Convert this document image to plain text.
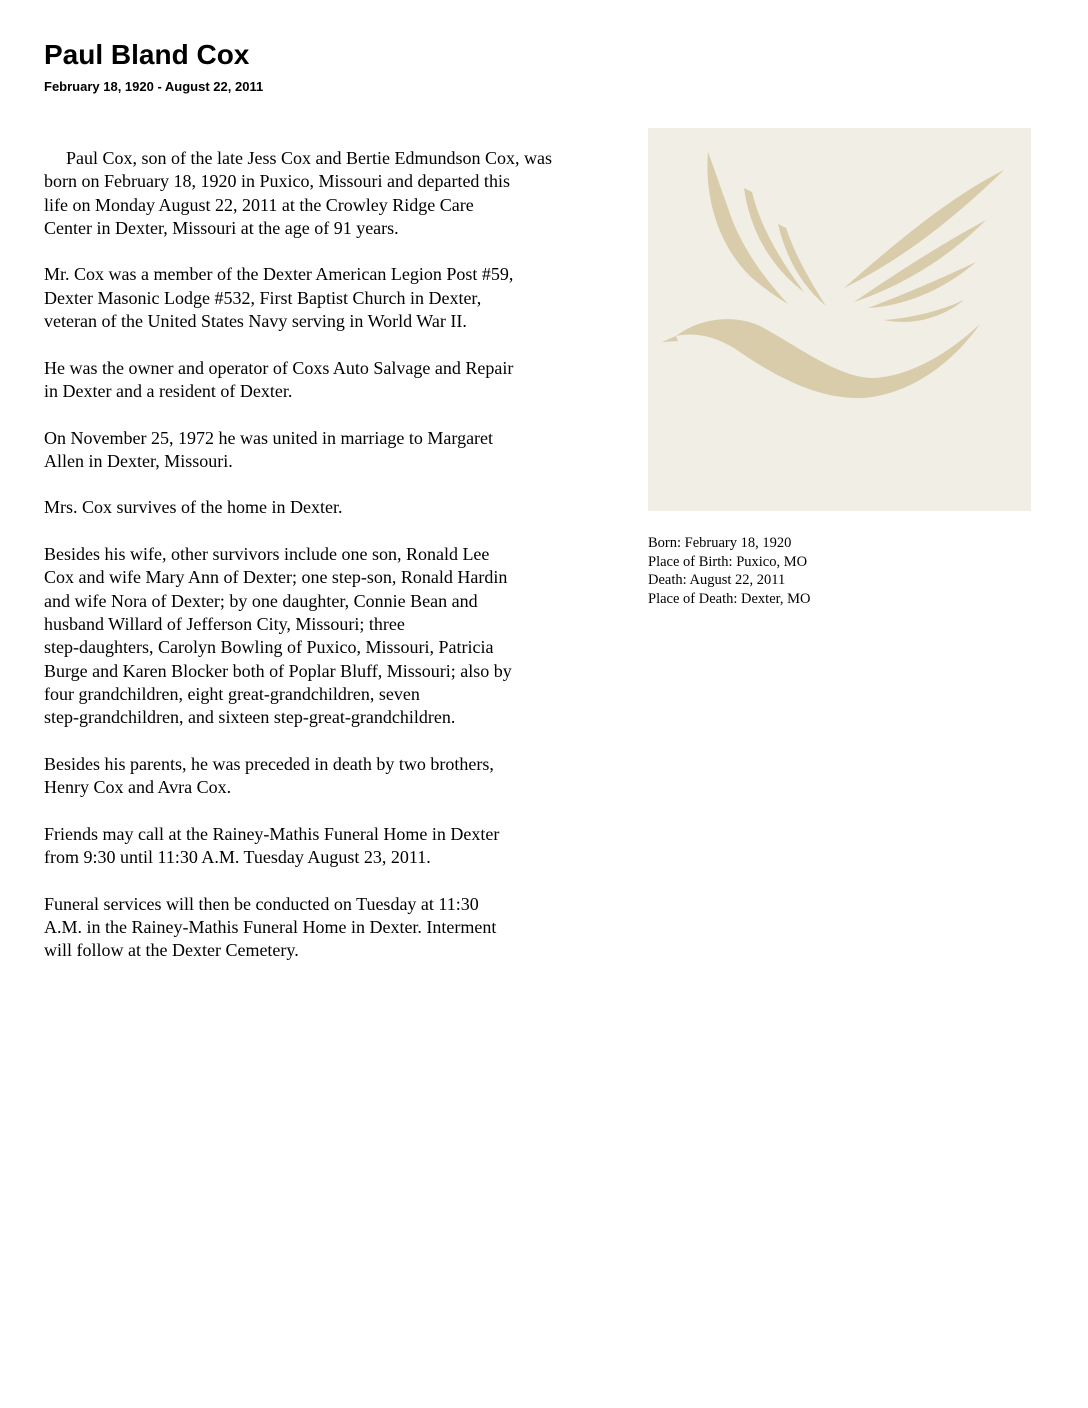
Paul Bland Cox
February 18, 1920 - August 22, 2011

Paul Cox, son of the late Jess Cox and Bertie Edmundson Cox, was
born on February 18, 1920 in Puxico, Missouri and departed this
life on Monday August 22, 2011 at the Crowley Ridge Care
Center in Dexter, Missouri at the age of 91 years.

Mr. Cox was a member of the Dexter American Legion Post #59,
Dexter Masonic Lodge #532, First Baptist Church in Dexter,
veteran of the United States Navy serving in World War II.

He was the owner and operator of Coxs Auto Salvage and Repair
in Dexter and a resident of Dexter.

On November 25, 1972 he was united in marriage to Margaret
Allen in Dexter, Missouri.

Mrs. Cox survives of the home in Dexter.

Besides his wife, other survivors include one son, Ronald Lee
Cox and wife Mary Ann of Dexter; one step-son, Ronald Hardin
and wife Nora of Dexter; by one daughter, Connie Bean and
husband Willard of Jefferson City, Missouri; three
step-daughters, Carolyn Bowling of Puxico, Missouri, Patricia
Burge and Karen Blocker both of Poplar Bluff, Missouri; also by
four grandchildren, eight great-grandchildren, seven
step-grandchildren, and sixteen step-great-grandchildren.

Besides his parents, he was preceded in death by two brothers,
Henry Cox and Avra Cox.

Friends may call at the Rainey-Mathis Funeral Home in Dexter
from 9:30 until 11:30 A.M. Tuesday August 23, 2011.

Funeral services will then be conducted on Tuesday at 11:30
A.M. in the Rainey-Mathis Funeral Home in Dexter. Interment
will follow at the Dexter Cemetery.

Born: February 18, 1920
Place of Birth: Puxico, MO
Death: August 22, 2011
Place of Death: Dexter, MO
